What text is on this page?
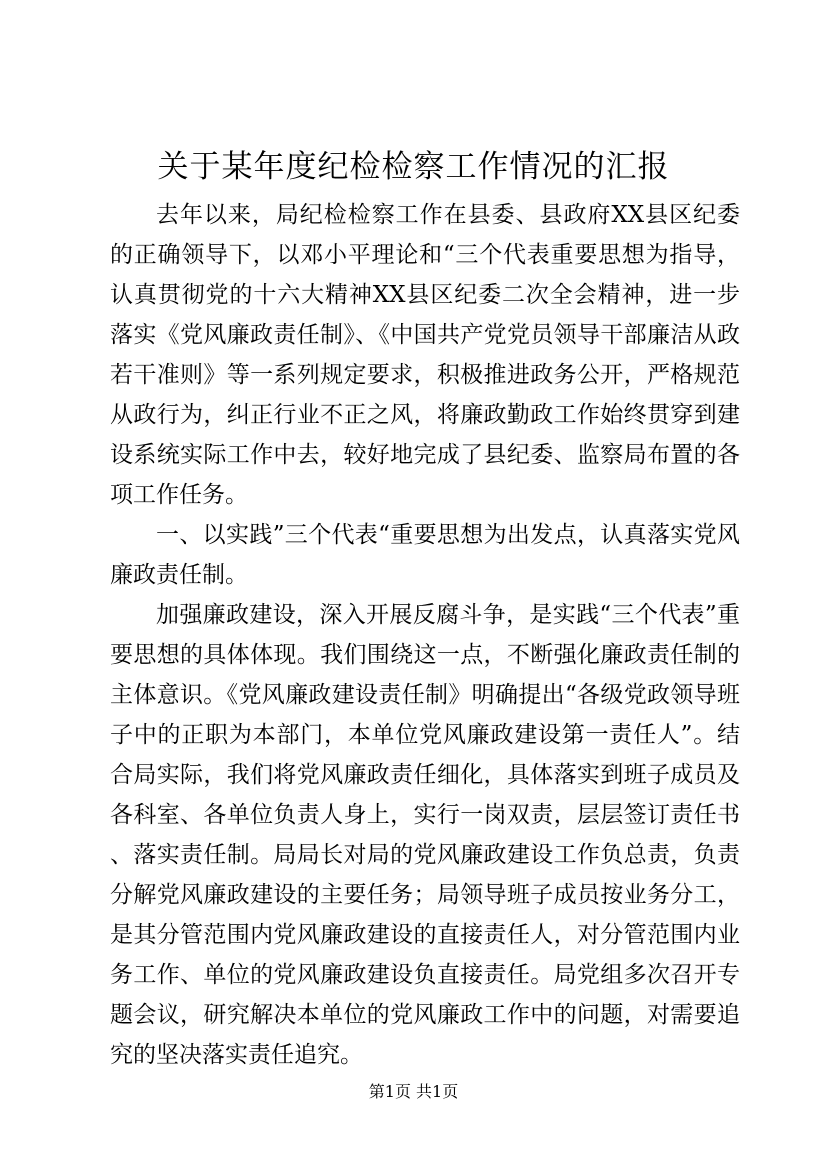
关于某年度纪检检察工作情况的汇报

去年以来，局纪检检察工作在县委、县政府XX县区纪委的正确领导下，以邓小平理论和“三个代表重要思想为指导，认真贯彻党的十六大精神XX县区纪委二次全会精神，进一步落实《党风廉政责任制》、《中国共产党党员领导干部廉洁从政若干准则》等一系列规定要求，积极推进政务公开，严格规范从政行为，纠正行业不正之风，将廉政勤政工作始终贯穿到建设系统实际工作中去，较好地完成了县纪委、监察局布置的各项工作任务。

一、以实践”三个代表“重要思想为出发点，认真落实党风廉政责任制。

加强廉政建设，深入开展反腐斗争，是实践“三个代表”重要思想的具体体现。我们围绕这一点，不断强化廉政责任制的主体意识。《党风廉政建设责任制》明确提出“各级党政领导班子中的正职为本部门，本单位党风廉政建设第一责任人”。结合局实际，我们将党风廉政责任细化，具体落实到班子成员及各科室、各单位负责人身上，实行一岗双责，层层签订责任书、落实责任制。局局长对局的党风廉政建设工作负总责，负责分解党风廉政建设的主要任务；局领导班子成员按业务分工，是其分管范围内党风廉政建设的直接责任人，对分管范围内业务工作、单位的党风廉政建设负直接责任。局党组多次召开专题会议，研究解决本单位的党风廉政工作中的问题，对需要追究的坚决落实责任追究。

第1页 共1页
